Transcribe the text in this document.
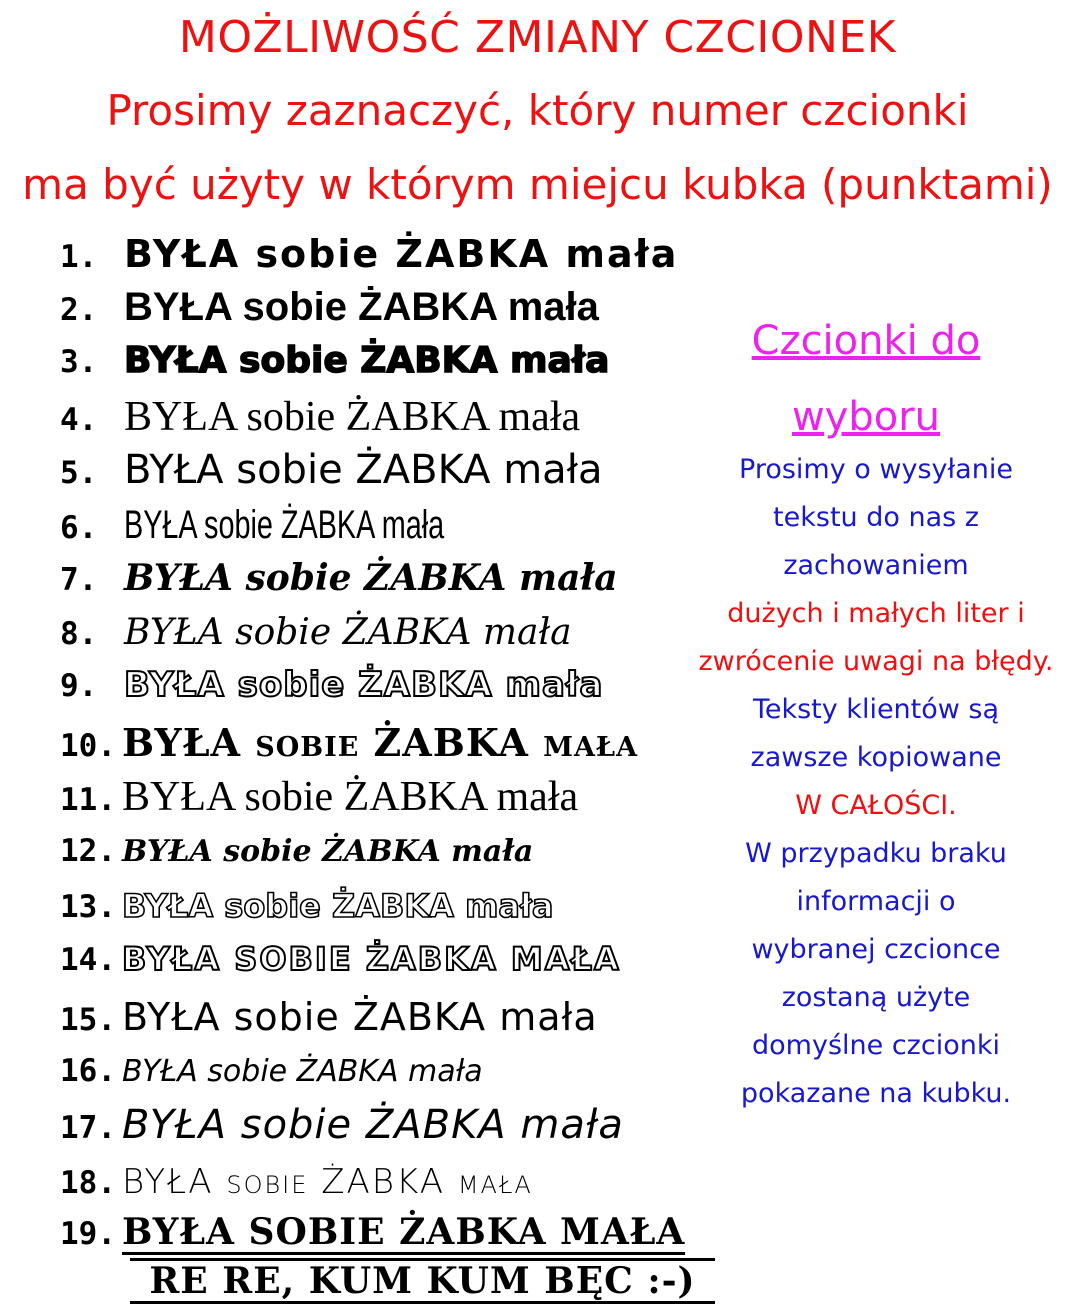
MOŻLIWOŚĆ ZMIANY CZCIONEK
Prosimy zaznaczyć, który numer czcionki
ma być użyty w którym miejcu kubka (punktami)
1. BYŁA sobie ŻABKA mała
2. BYŁA sobie ŻABKA mała
3. BYŁA sobie ŻABKA mała
4. BYŁA sobie ŻABKA mała
5. BYŁA sobie ŻABKA mała
6. BYŁA sobie ŻABKA mała
7. BYŁA sobie ŻABKA mała
8. BYŁA sobie ŻABKA mała
9. BYŁA sobie ŻABKA mała
10. BYŁA sobie ŻABKA mała
11. BYŁA sobie ŻABKA mała
12. BYŁA sobie ŻABKA mała
13. BYŁA sobie ŻABKA mała
14. BYŁA SOBIE ŻABKA MAŁA
15. BYŁA sobie ŻABKA mała
16. BYŁA sobie ŻABKA mała
17. BYŁA sobie ŻABKA mała
18. BYŁA sobie ŻABKA mała
19. BYŁA SOBIE ŻABKA MAŁA
RE RE, KUM KUM BĘC :-)
Czcionki do
wyboru
Prosimy o wysyłanie
tekstu do nas z
zachowaniem
dużych i małych liter i
zwrócenie uwagi na błędy.
Teksty klientów są
zawsze kopiowane
W CAŁOŚCI.
W przypadku braku
informacji o
wybranej czcionce
zostaną użyte
domyślne czcionki
pokazane na kubku.
